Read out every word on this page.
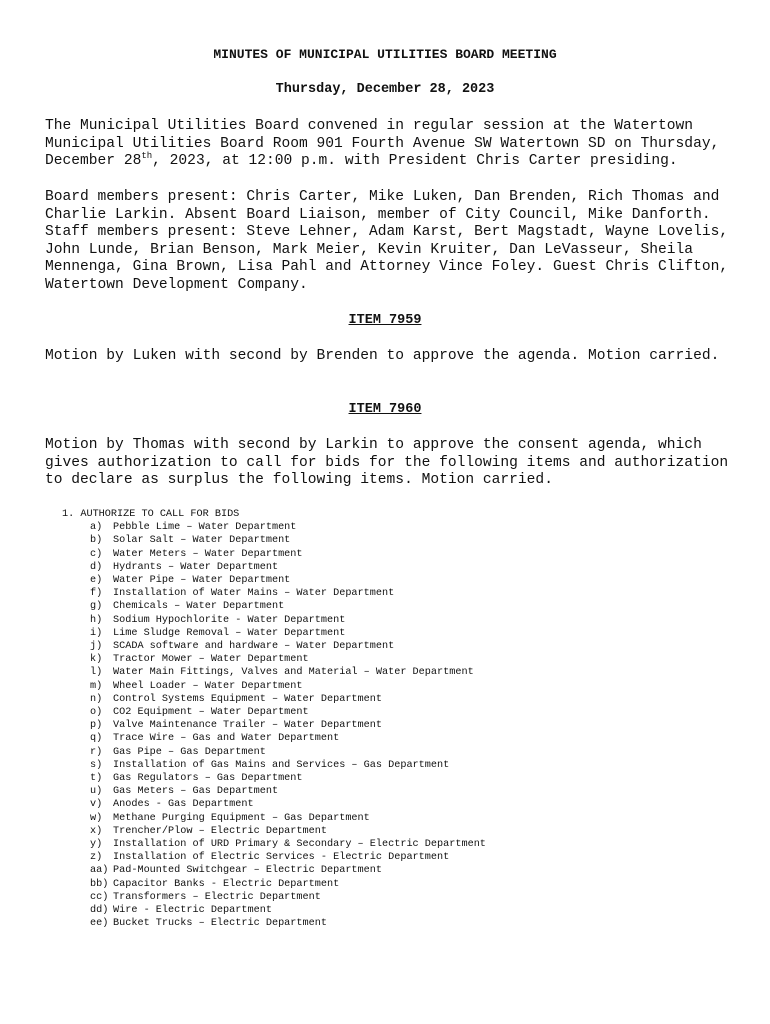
MINUTES OF MUNICIPAL UTILITIES BOARD MEETING
Thursday, December 28, 2023

The Municipal Utilities Board convened in regular session at the Watertown Municipal Utilities Board Room 901 Fourth Avenue SW Watertown SD on Thursday, December 28th, 2023, at 12:00 p.m. with President Chris Carter presiding.

Board members present: Chris Carter, Mike Luken, Dan Brenden, Rich Thomas and Charlie Larkin. Absent Board Liaison, member of City Council, Mike Danforth. Staff members present: Steve Lehner, Adam Karst, Bert Magstadt, Wayne Lovelis, John Lunde, Brian Benson, Mark Meier, Kevin Kruiter, Dan LeVasseur, Sheila Mennenga, Gina Brown, Lisa Pahl and Attorney Vince Foley. Guest Chris Clifton, Watertown Development Company.

ITEM 7959

Motion by Luken with second by Brenden to approve the agenda. Motion carried.

ITEM 7960

Motion by Thomas with second by Larkin to approve the consent agenda, which gives authorization to call for bids for the following items and authorization to declare as surplus the following items. Motion carried.

1. AUTHORIZE TO CALL FOR BIDS
a)	Pebble Lime – Water Department
b)	Solar Salt – Water Department
c)	Water Meters – Water Department
d)	Hydrants – Water Department
e)	Water Pipe – Water Department
f)	Installation of Water Mains – Water Department
g)	Chemicals – Water Department
h)	Sodium Hypochlorite - Water Department
i)	Lime Sludge Removal – Water Department
j)	SCADA software and hardware – Water Department
k)	Tractor Mower – Water Department
l)	Water Main Fittings, Valves and Material – Water Department
m)	Wheel Loader – Water Department
n)	Control Systems Equipment – Water Department
o)	CO2 Equipment – Water Department
p)	Valve Maintenance Trailer – Water Department
q)	Trace Wire – Gas and Water Department
r)	Gas Pipe – Gas Department
s)	Installation of Gas Mains and Services – Gas Department
t)	Gas Regulators – Gas Department
u)	Gas Meters – Gas Department
v)	Anodes - Gas Department
w)	Methane Purging Equipment – Gas Department
x)	Trencher/Plow – Electric Department
y)	Installation of URD Primary & Secondary – Electric Department
z)	Installation of Electric Services - Electric Department
aa) Pad-Mounted Switchgear – Electric Department
bb) Capacitor Banks - Electric Department
cc) Transformers – Electric Department
dd) Wire - Electric Department
ee) Bucket Trucks – Electric Department
